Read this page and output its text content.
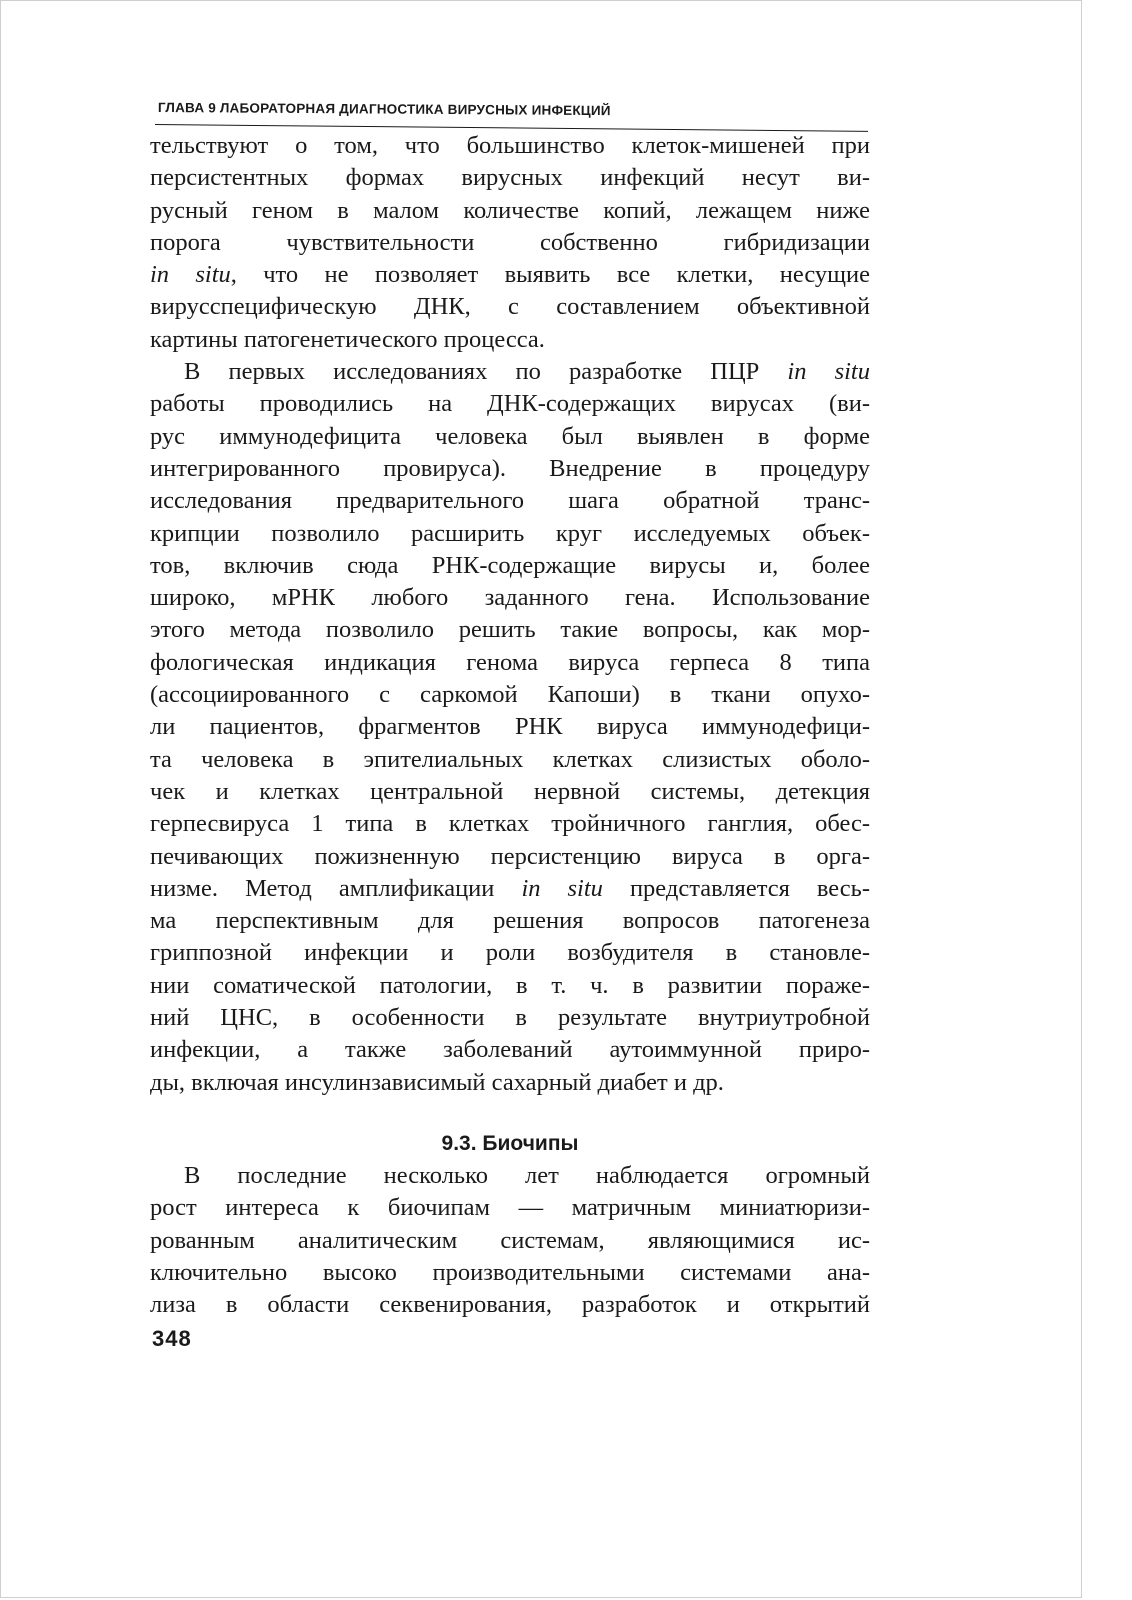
ГЛАВА 9 ЛАБОРАТОРНАЯ ДИАГНОСТИКА ВИРУСНЫХ ИНФЕКЦИЙ
тельствуют о том, что большинство клеток-мишеней при
персистентных формах вирусных инфекций несут ви-
русный геном в малом количестве копий, лежащем ниже
порога чувствительности собственно гибридизации
in situ, что не позволяет выявить все клетки, несущие
вирусспецифическую ДНК, с составлением объективной
картины патогенетического процесса.
В первых исследованиях по разработке ПЦР in situ
работы проводились на ДНК-содержащих вирусах (ви-
рус иммунодефицита человека был выявлен в форме
интегрированного провируса). Внедрение в процедуру
исследования предварительного шага обратной транс-
крипции позволило расширить круг исследуемых объек-
тов, включив сюда РНК-содержащие вирусы и, более
широко, мРНК любого заданного гена. Использование
этого метода позволило решить такие вопросы, как мор-
фологическая индикация генома вируса герпеса 8 типа
(ассоциированного с саркомой Капоши) в ткани опухо-
ли пациентов, фрагментов РНК вируса иммунодефици-
та человека в эпителиальных клетках слизистых оболо-
чек и клетках центральной нервной системы, детекция
герпесвируса 1 типа в клетках тройничного ганглия, обес-
печивающих пожизненную персистенцию вируса в орга-
низме. Метод амплификации in situ представляется весь-
ма перспективным для решения вопросов патогенеза
гриппозной инфекции и роли возбудителя в становле-
нии соматической патологии, в т. ч. в развитии пораже-
ний ЦНС, в особенности в результате внутриутробной
инфекции, а также заболеваний аутоиммунной приро-
ды, включая инсулинзависимый сахарный диабет и др.
9.3. Биочипы
В последние несколько лет наблюдается огромный
рост интереса к биочипам — матричным миниатюризи-
рованным аналитическим системам, являющимися ис-
ключительно высоко производительными системами ана-
лиза в области секвенирования, разработок и открытий
348
